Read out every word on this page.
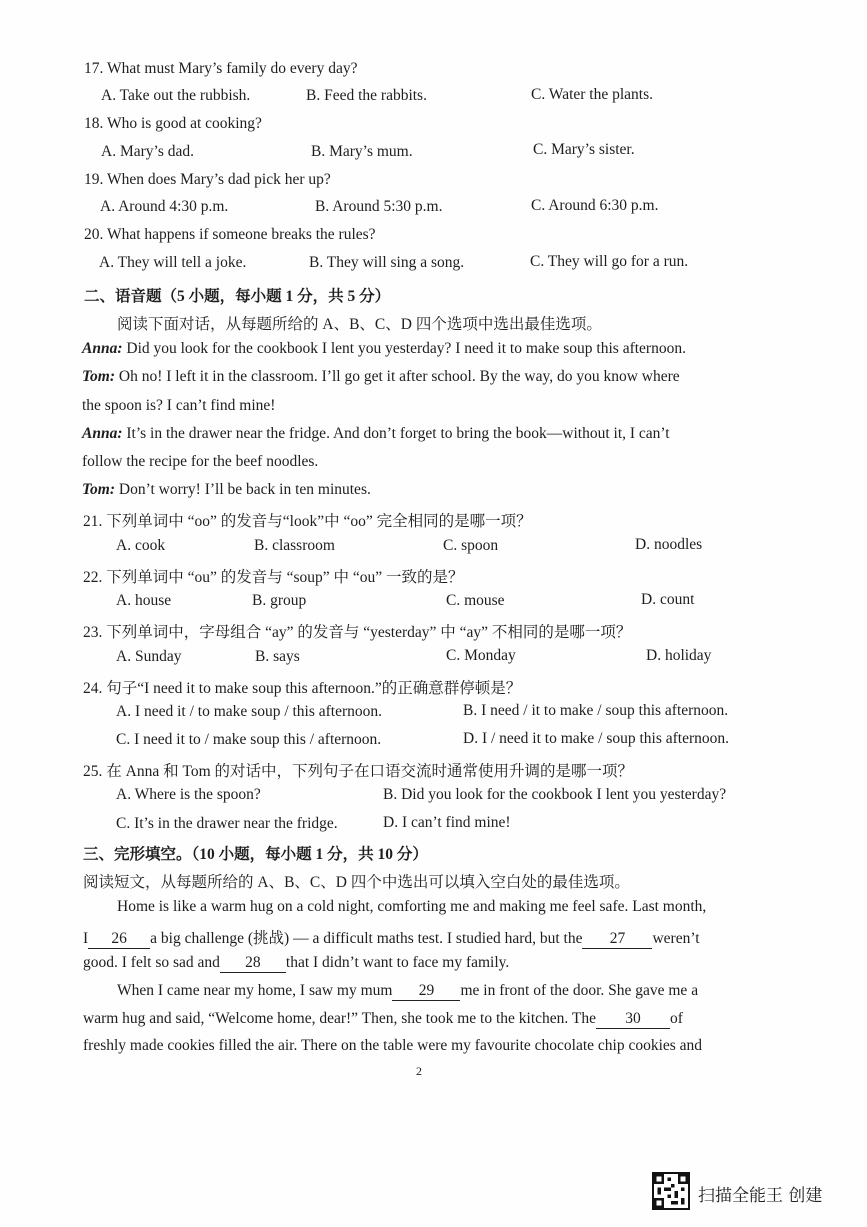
17. What must Mary’s family do every day?
A. Take out the rubbish.	B. Feed the rabbits.	C. Water the plants.
18. Who is good at cooking?
A. Mary’s dad.	B. Mary’s mum.	C. Mary’s sister.
19. When does Mary’s dad pick her up?
A. Around 4:30 p.m.	B. Around 5:30 p.m.	C. Around 6:30 p.m.
20. What happens if someone breaks the rules?
A. They will tell a joke.	B. They will sing a song.	C. They will go for a run.
二、语音题（5 小题，每小题 1 分，共 5 分）
阅读下面对话，从每题所给的 A、B、C、D 四个选项中选出最佳选项。
Anna: Did you look for the cookbook I lent you yesterday? I need it to make soup this afternoon.
Tom: Oh no! I left it in the classroom. I’ll go get it after school. By the way, do you know where
the spoon is? I can’t find mine!
Anna: It’s in the drawer near the fridge. And don’t forget to bring the book—without it, I can’t
follow the recipe for the beef noodles.
Tom: Don’t worry! I’ll be back in ten minutes.
21. 下列单词中 “oo” 的发音与“look”中 “oo” 完全相同的是哪一项？
A. cook	B. classroom	C. spoon	D. noodles
22. 下列单词中 “ou” 的发音与 “soup” 中 “ou” 一致的是？
A. house	B. group	C. mouse	D. count
23. 下列单词中，字母组合 “ay” 的发音与 “yesterday” 中 “ay” 不相同的是哪一项？
A. Sunday	B. says	C. Monday	D. holiday
24. 句子“I need it to make soup this afternoon.”的正确意群停顿是？
A. I need it / to make soup / this afternoon.	B. I need / it to make / soup this afternoon.
C. I need it to / make soup this / afternoon.	D. I / need it to make / soup this afternoon.
25. 在 Anna 和 Tom 的对话中，下列句子在口语交流时通常使用升调的是哪一项？
A. Where is the spoon?	B. Did you look for the cookbook I lent you yesterday?
C. It’s in the drawer near the fridge.	D. I can’t find mine!
三、完形填空。（10 小题，每小题 1 分，共 10 分）
阅读短文，从每题所给的 A、B、C、D 四个中选出可以填入空白处的最佳选项。
Home is like a warm hug on a cold night, comforting me and making me feel safe. Last month,
I 26 a big challenge (挑战) — a difficult maths test. I studied hard, but the 27 weren’t
good. I felt so sad and 28 that I didn’t want to face my family.
When I came near my home, I saw my mum 29 me in front of the door. She gave me a
warm hug and said, “Welcome home, dear!” Then, she took me to the kitchen. The 30 of
freshly made cookies filled the air. There on the table were my favourite chocolate chip cookies and
2
扫描全能王 创建
